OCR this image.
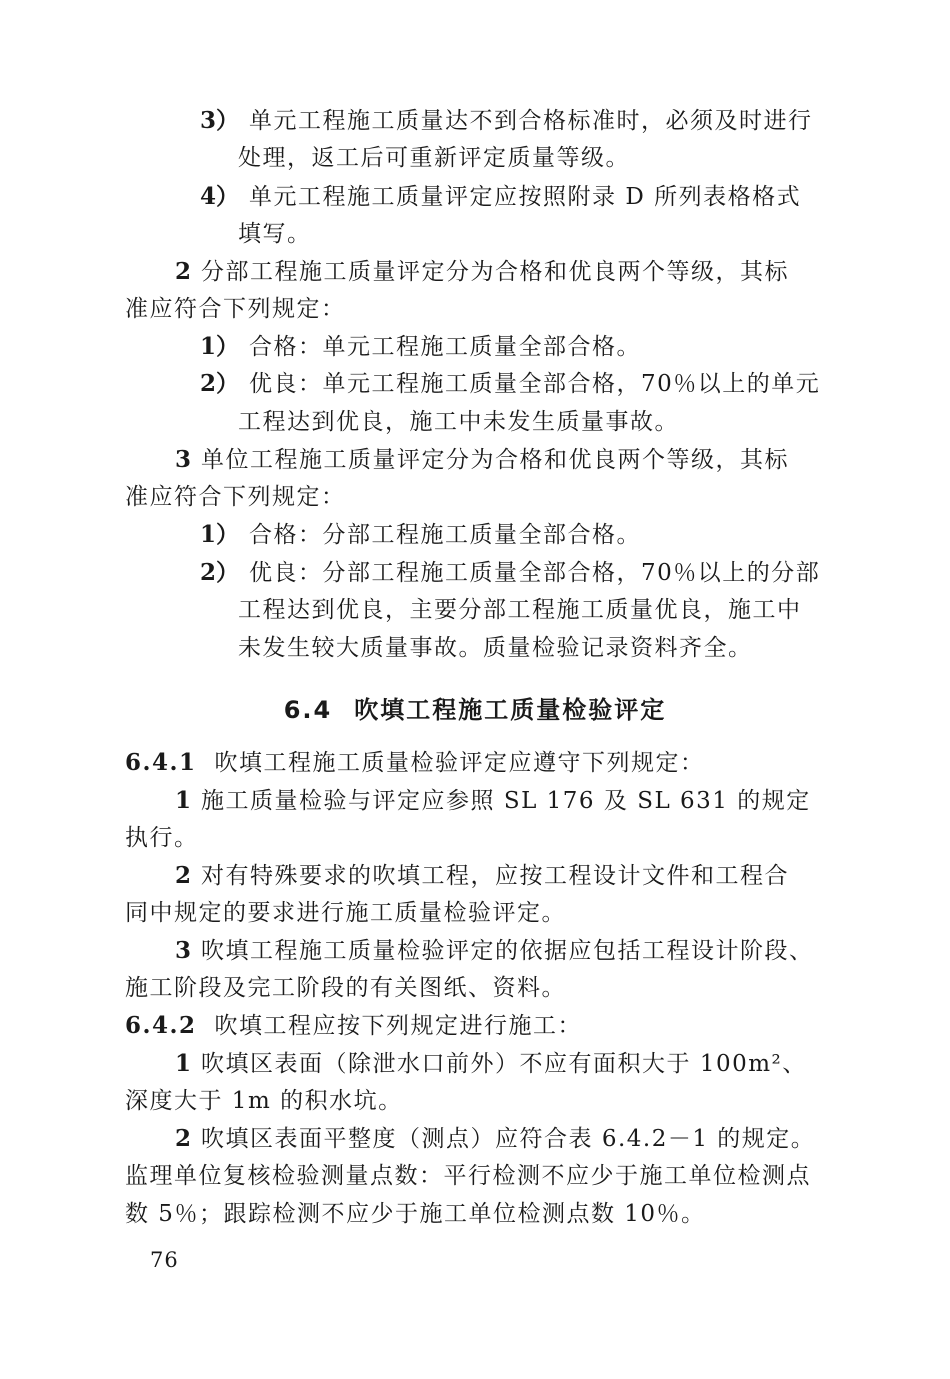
3） 单元工程施工质量达不到合格标准时，必须及时进行
处理，返工后可重新评定质量等级。
4） 单元工程施工质量评定应按照附录 D 所列表格格式
填写。
2 分部工程施工质量评定分为合格和优良两个等级，其标
准应符合下列规定：
1） 合格：单元工程施工质量全部合格。
2） 优良：单元工程施工质量全部合格，70％以上的单元
工程达到优良，施工中未发生质量事故。
3 单位工程施工质量评定分为合格和优良两个等级，其标
准应符合下列规定：
1） 合格：分部工程施工质量全部合格。
2） 优良：分部工程施工质量全部合格，70％以上的分部
工程达到优良，主要分部工程施工质量优良，施工中
未发生较大质量事故。质量检验记录资料齐全。
6.4 吹填工程施工质量检验评定
6.4.1 吹填工程施工质量检验评定应遵守下列规定：
1 施工质量检验与评定应参照 SL 176 及 SL 631 的规定
执行。
2 对有特殊要求的吹填工程，应按工程设计文件和工程合
同中规定的要求进行施工质量检验评定。
3 吹填工程施工质量检验评定的依据应包括工程设计阶段、
施工阶段及完工阶段的有关图纸、资料。
6.4.2 吹填工程应按下列规定进行施工：
1 吹填区表面（除泄水口前外）不应有面积大于 100m²、
深度大于 1m 的积水坑。
2 吹填区表面平整度（测点）应符合表 6.4.2－1 的规定。
监理单位复核检验测量点数：平行检测不应少于施工单位检测点
数 5％；跟踪检测不应少于施工单位检测点数 10％。
76
